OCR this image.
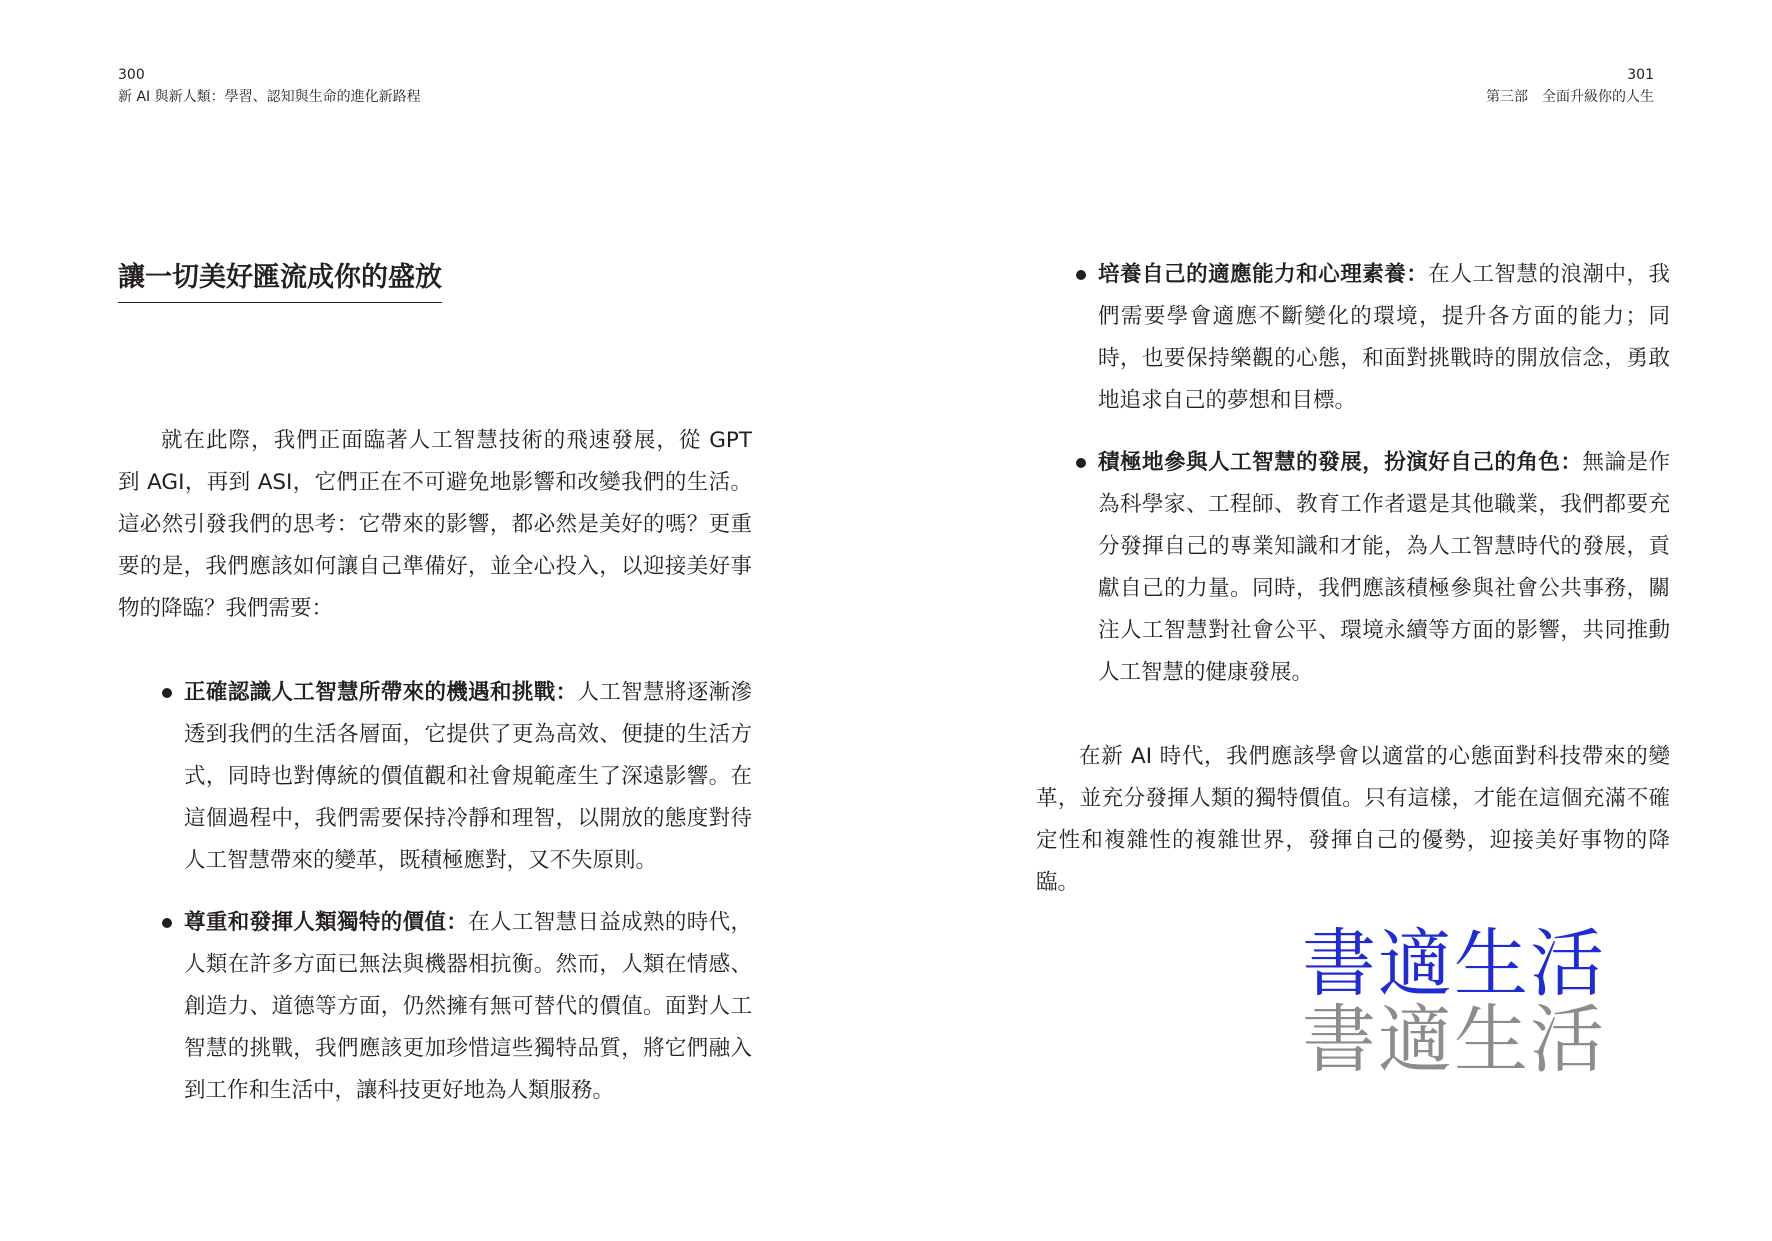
300
新 AI 與新人類：學習、認知與生命的進化新路程
讓一切美好匯流成你的盛放

就在此際，我們正面臨著人工智慧技術的飛速發展，從 GPT 到 AGI，再到 ASI，它們正在不可避免地影響和改變我們的生活。這必然引發我們的思考：它帶來的影響，都必然是美好的嗎？更重要的是，我們應該如何讓自己準備好，並全心投入，以迎接美好事物的降臨？我們需要：

正確認識人工智慧所帶來的機遇和挑戰：人工智慧將逐漸滲透到我們的生活各層面，它提供了更為高效、便捷的生活方式，同時也對傳統的價值觀和社會規範產生了深遠影響。在這個過程中，我們需要保持冷靜和理智，以開放的態度對待人工智慧帶來的變革，既積極應對，又不失原則。
尊重和發揮人類獨特的價值：在人工智慧日益成熟的時代，人類在許多方面已無法與機器相抗衡。然而，人類在情感、創造力、道德等方面，仍然擁有無可替代的價值。面對人工智慧的挑戰，我們應該更加珍惜這些獨特品質，將它們融入到工作和生活中，讓科技更好地為人類服務。
301
第三部　全面升級你的人生
培養自己的適應能力和心理素養：在人工智慧的浪潮中，我們需要學會適應不斷變化的環境，提升各方面的能力；同時，也要保持樂觀的心態，和面對挑戰時的開放信念，勇敢地追求自己的夢想和目標。
積極地參與人工智慧的發展，扮演好自己的角色：無論是作為科學家、工程師、教育工作者還是其他職業，我們都要充分發揮自己的專業知識和才能，為人工智慧時代的發展，貢獻自己的力量。同時，我們應該積極參與社會公共事務，關注人工智慧對社會公平、環境永續等方面的影響，共同推動人工智慧的健康發展。

在新 AI 時代，我們應該學會以適當的心態面對科技帶來的變革，並充分發揮人類的獨特價值。只有這樣，才能在這個充滿不確定性和複雜性的複雜世界，發揮自己的優勢，迎接美好事物的降臨。

書適生活
書適生活
